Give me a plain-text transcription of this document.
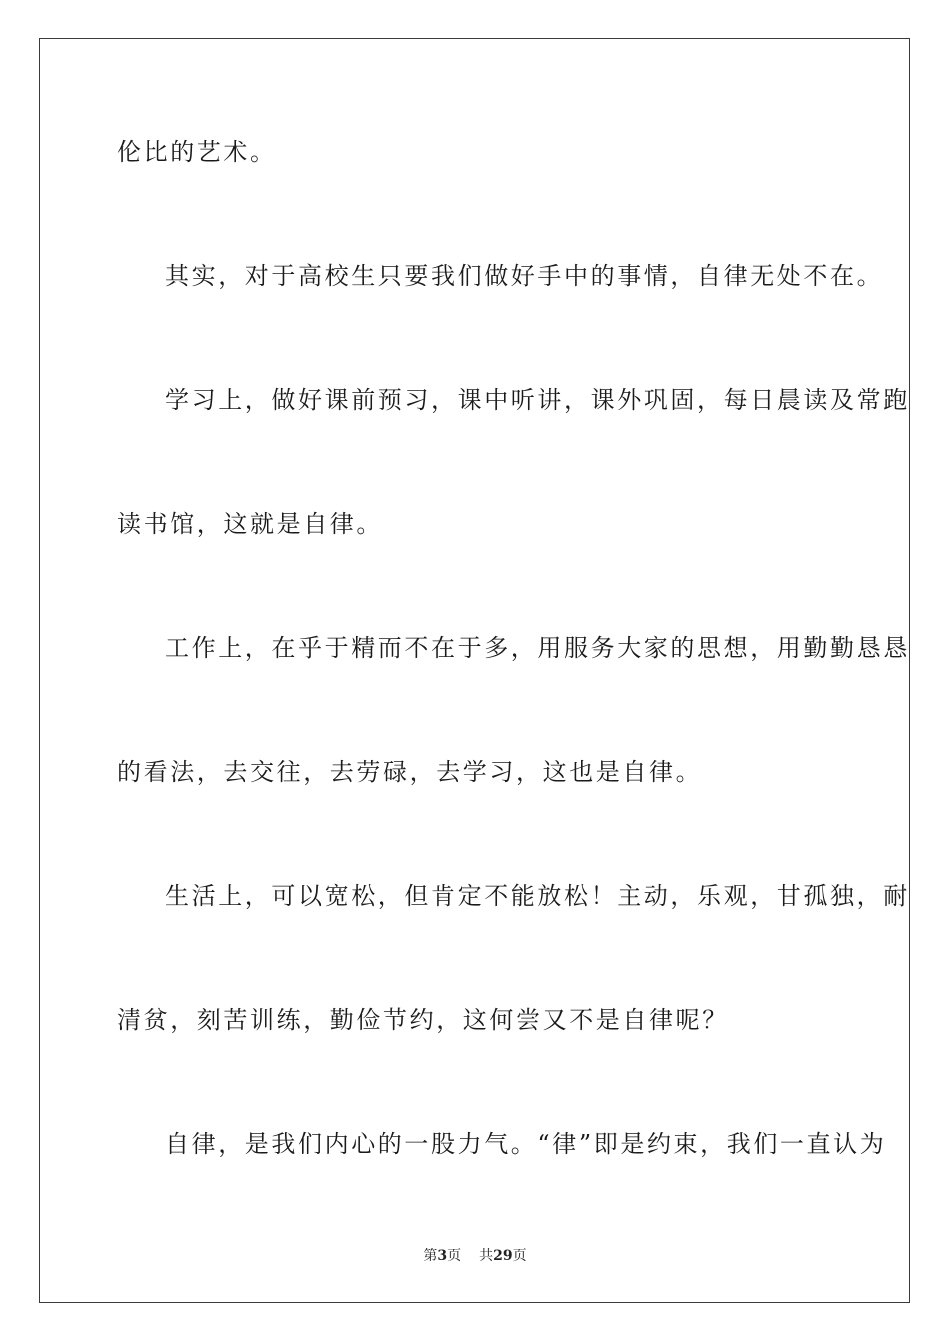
伦比的艺术。
其实，对于高校生只要我们做好手中的事情，自律无处不在。
学习上，做好课前预习，课中听讲，课外巩固，每日晨读及常跑
读书馆，这就是自律。
工作上，在乎于精而不在于多，用服务大家的思想，用勤勤恳恳
的看法，去交往，去劳碌，去学习，这也是自律。
生活上，可以宽松，但肯定不能放松！主动，乐观，甘孤独，耐
清贫，刻苦训练，勤俭节约，这何尝又不是自律呢？
自律，是我们内心的一股力气。“律”即是约束，我们一直认为
第3页 共29页
